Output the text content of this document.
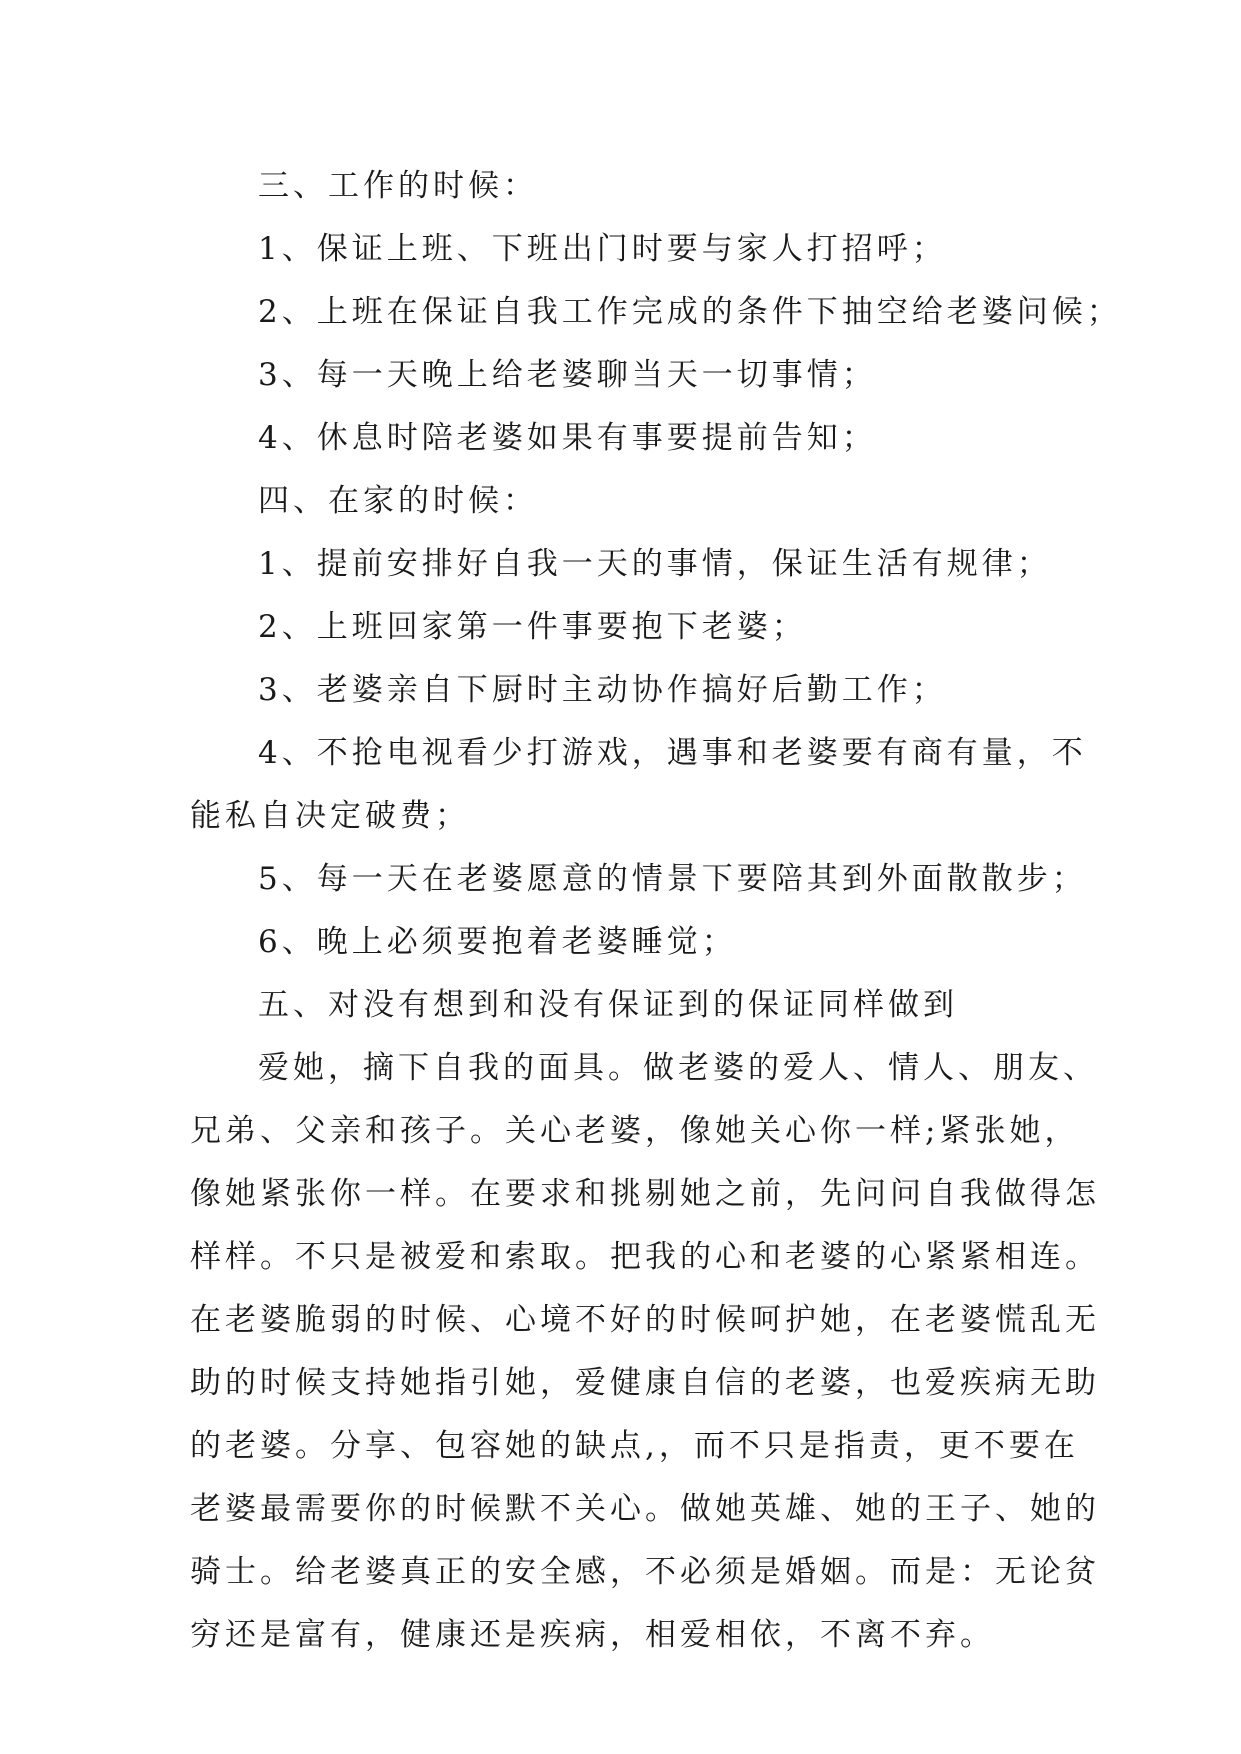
三、工作的时候：
1、保证上班、下班出门时要与家人打招呼；
2、上班在保证自我工作完成的条件下抽空给老婆问候；
3、每一天晚上给老婆聊当天一切事情；
4、休息时陪老婆如果有事要提前告知；
四、在家的时候：
1、提前安排好自我一天的事情，保证生活有规律；
2、上班回家第一件事要抱下老婆；
3、老婆亲自下厨时主动协作搞好后勤工作；
4、不抢电视看少打游戏，遇事和老婆要有商有量，不
能私自决定破费；
5、每一天在老婆愿意的情景下要陪其到外面散散步；
6、晚上必须要抱着老婆睡觉；
五、对没有想到和没有保证到的保证同样做到
爱她，摘下自我的面具。做老婆的爱人、情人、朋友、
兄弟、父亲和孩子。关心老婆，像她关心你一样;紧张她，
像她紧张你一样。在要求和挑剔她之前，先问问自我做得怎
样样。不只是被爱和索取。把我的心和老婆的心紧紧相连。
在老婆脆弱的时候、心境不好的时候呵护她，在老婆慌乱无
助的时候支持她指引她，爱健康自信的老婆，也爱疾病无助
的老婆。分享、包容她的缺点,，而不只是指责，更不要在
老婆最需要你的时候默不关心。做她英雄、她的王子、她的
骑士。给老婆真正的安全感，不必须是婚姻。而是：无论贫
穷还是富有，健康还是疾病，相爱相依，不离不弃。
